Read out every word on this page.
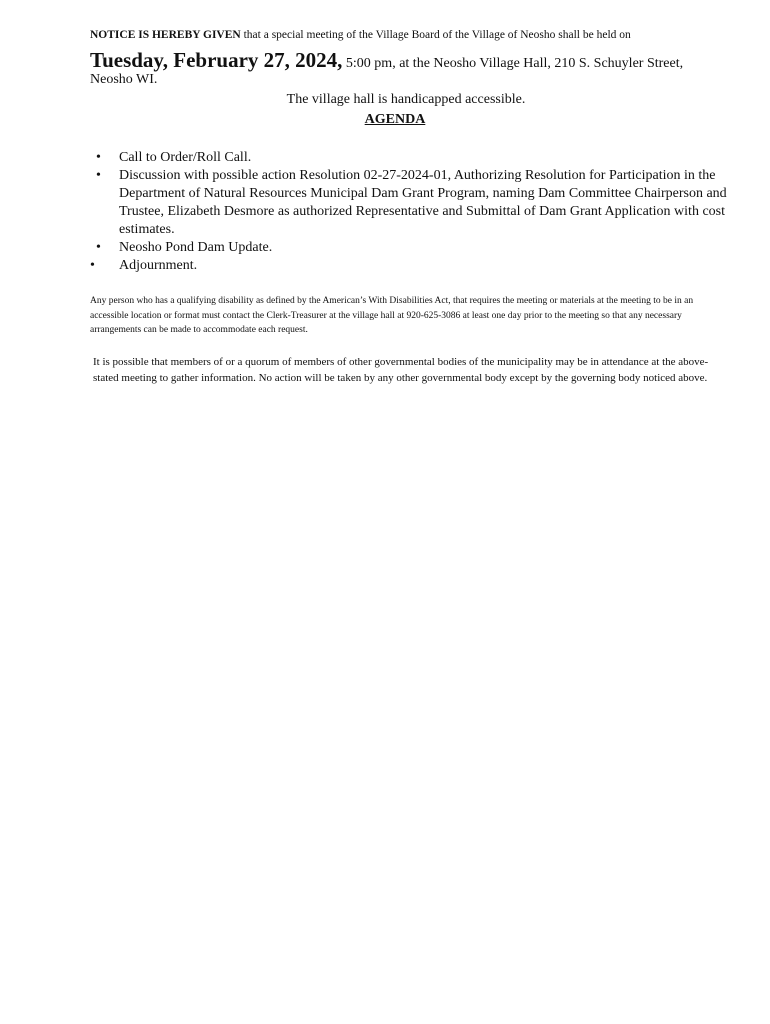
NOTICE IS HEREBY GIVEN that a special meeting of the Village Board of the Village of Neosho shall be held on
Tuesday, February 27, 2024, 5:00 pm, at the Neosho Village Hall, 210 S. Schuyler Street,
Neosho WI.
The village hall is handicapped accessible.
AGENDA
• Call to Order/Roll Call.
• Discussion with possible action Resolution 02-27-2024-01, Authorizing Resolution for Participation in the Department of Natural Resources Municipal Dam Grant Program, naming Dam Committee Chairperson and Trustee, Elizabeth Desmore as authorized Representative and Submittal of Dam Grant Application with cost estimates.
• Neosho Pond Dam Update.
• Adjournment.
Any person who has a qualifying disability as defined by the American’s With Disabilities Act, that requires the meeting or materials at the meeting to be in an accessible location or format must contact the Clerk-Treasurer at the village hall at 920-625-3086 at least one day prior to the meeting so that any necessary arrangements can be made to accommodate each request.
It is possible that members of or a quorum of members of other governmental bodies of the municipality may be in attendance at the above-stated meeting to gather information. No action will be taken by any other governmental body except by the governing body noticed above.
